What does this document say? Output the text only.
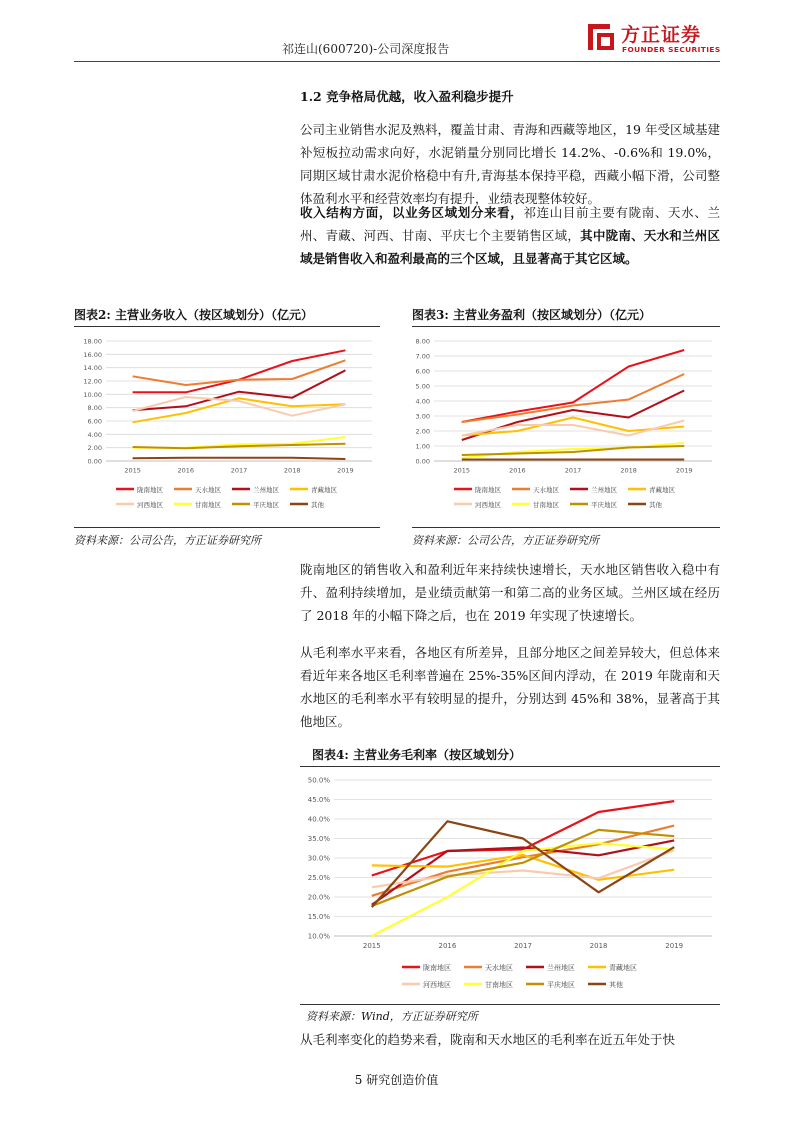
祁连山(600720)-公司深度报告
方正证券
FOUNDER SECURITIES
1.2 竞争格局优越，收入盈利稳步提升
公司主业销售水泥及熟料，覆盖甘肃、青海和西藏等地区，19 年受区域基建补短板拉动需求向好，水泥销量分别同比增长 14.2%、-0.6%和 19.0%，同期区域甘肃水泥价格稳中有升,青海基本保持平稳，西藏小幅下滑，公司整体盈利水平和经营效率均有提升，业绩表现整体较好。
收入结构方面，以业务区域划分来看，祁连山目前主要有陇南、天水、兰州、青藏、河西、甘南、平庆七个主要销售区域，其中陇南、天水和兰州区域是销售收入和盈利最高的三个区域，且显著高于其它区域。
图表2: 主营业务收入（按区域划分）（亿元）
0.00
2.00
4.00
6.00
8.00
10.00
12.00
14.00
16.00
18.00
2015	2016	2017	2018	2019
陇南地区	天水地区	兰州地区	青藏地区
河西地区	甘南地区	平庆地区	其他
资料来源：公司公告，方正证券研究所
图表3: 主营业务盈利（按区域划分）（亿元）
0.00
1.00
2.00
3.00
4.00
5.00
6.00
7.00
8.00
2015	2016	2017	2018	2019
陇南地区	天水地区	兰州地区	青藏地区
河西地区	甘南地区	平庆地区	其他
资料来源：公司公告，方正证券研究所
陇南地区的销售收入和盈利近年来持续快速增长，天水地区销售收入稳中有升、盈利持续增加，是业绩贡献第一和第二高的业务区域。兰州区域在经历了 2018 年的小幅下降之后，也在 2019 年实现了快速增长。
从毛利率水平来看，各地区有所差异，且部分地区之间差异较大，但总体来看近年来各地区毛利率普遍在 25%-35%区间内浮动，在 2019 年陇南和天水地区的毛利率水平有较明显的提升，分别达到 45%和 38%，显著高于其他地区。
图表4: 主营业务毛利率（按区域划分）
10.0%
15.0%
20.0%
25.0%
30.0%
35.0%
40.0%
45.0%
50.0%
2015	2016	2017	2018	2019
陇南地区	天水地区	兰州地区	青藏地区
河西地区	甘南地区	平庆地区	其他
资料来源：Wind，方正证券研究所
从毛利率变化的趋势来看，陇南和天水地区的毛利率在近五年处于快
5 研究创造价值
